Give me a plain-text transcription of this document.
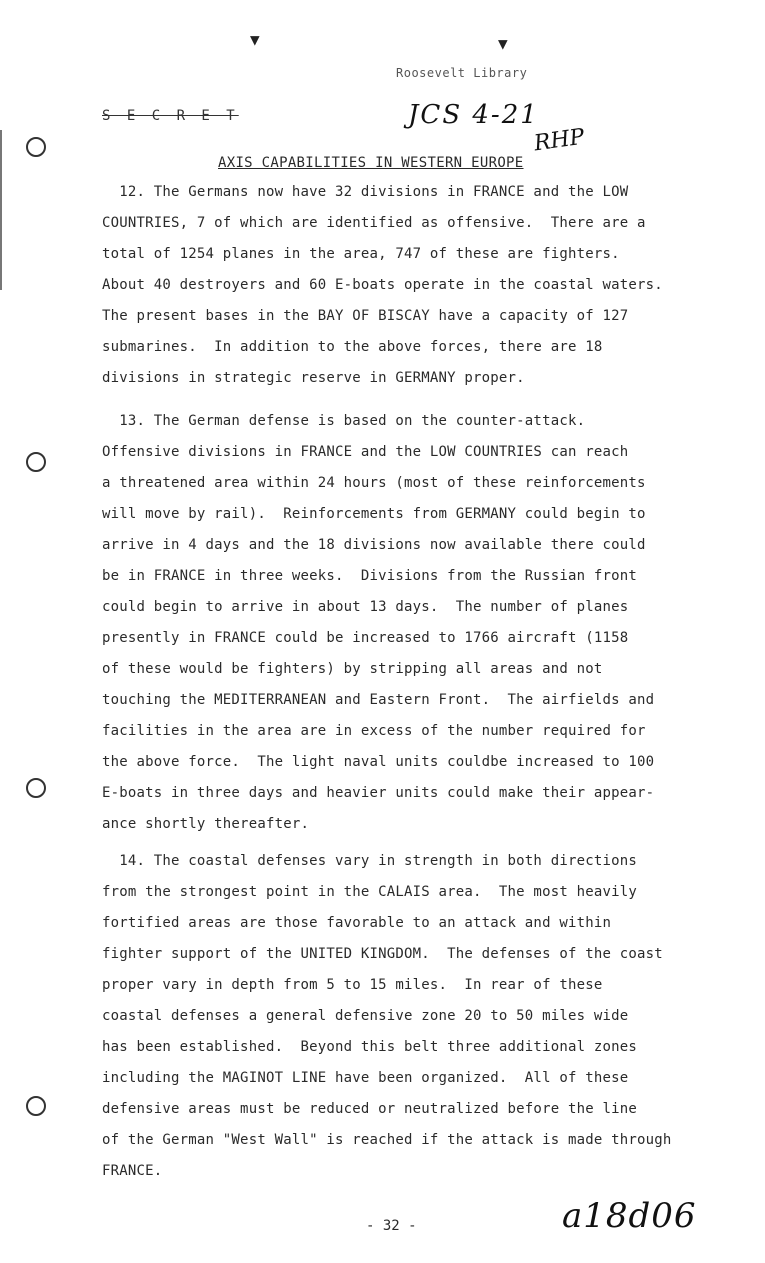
▼	▼
Roosevelt Library
S E C R E T	JCS 4-21
RHP
AXIS CAPABILITIES IN WESTERN EUROPE
12. The Germans now have 32 divisions in FRANCE and the LOW
COUNTRIES, 7 of which are identified as offensive.  There are a
total of 1254 planes in the area, 747 of these are fighters.
About 40 destroyers and 60 E-boats operate in the coastal waters.
The present bases in the BAY OF BISCAY have a capacity of 127
submarines.  In addition to the above forces, there are 18
divisions in strategic reserve in GERMANY proper.
13. The German defense is based on the counter-attack.
Offensive divisions in FRANCE and the LOW COUNTRIES can reach
a threatened area within 24 hours (most of these reinforcements
will move by rail).  Reinforcements from GERMANY could begin to
arrive in 4 days and the 18 divisions now available there could
be in FRANCE in three weeks.  Divisions from the Russian front
could begin to arrive in about 13 days.  The number of planes
presently in FRANCE could be increased to 1766 aircraft (1158
of these would be fighters) by stripping all areas and not
touching the MEDITERRANEAN and Eastern Front.  The airfields and
facilities in the area are in excess of the number required for
the above force.  The light naval units couldbe increased to 100
E-boats in three days and heavier units could make their appear-
ance shortly thereafter.
14. The coastal defenses vary in strength in both directions
from the strongest point in the CALAIS area.  The most heavily
fortified areas are those favorable to an attack and within
fighter support of the UNITED KINGDOM.  The defenses of the coast
proper vary in depth from 5 to 15 miles.  In rear of these
coastal defenses a general defensive zone 20 to 50 miles wide
has been established.  Beyond this belt three additional zones
including the MAGINOT LINE have been organized.  All of these
defensive areas must be reduced or neutralized before the line
of the German "West Wall" is reached if the attack is made through
FRANCE.
- 32 -	a18d06
